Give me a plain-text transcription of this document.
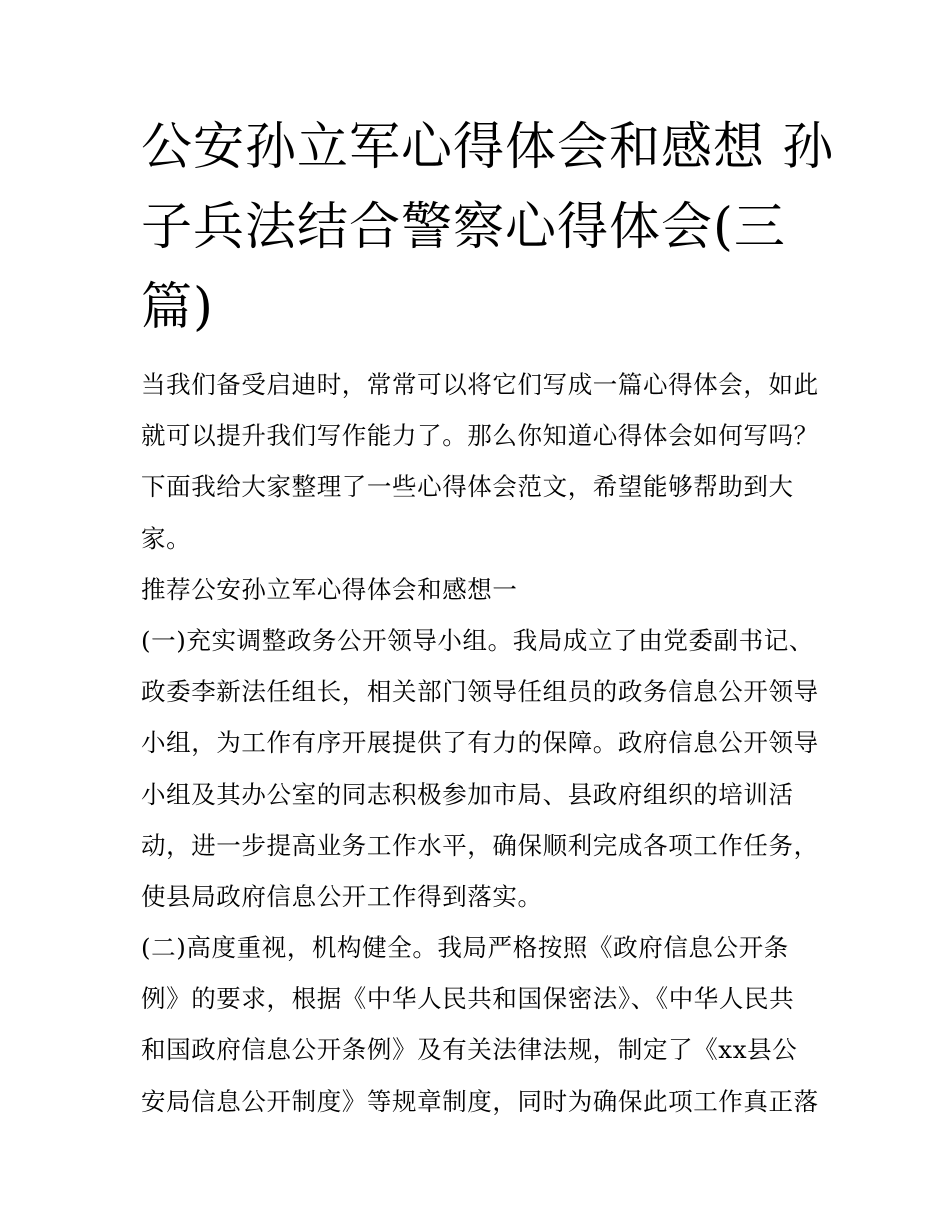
公安孙立军心得体会和感想 孙
子兵法结合警察心得体会(三
篇)
当我们备受启迪时，常常可以将它们写成一篇心得体会，如此
就可以提升我们写作能力了。那么你知道心得体会如何写吗？
下面我给大家整理了一些心得体会范文，希望能够帮助到大
家。
推荐公安孙立军心得体会和感想一
(一)充实调整政务公开领导小组。我局成立了由党委副书记、
政委李新法任组长，相关部门领导任组员的政务信息公开领导
小组，为工作有序开展提供了有力的保障。政府信息公开领导
小组及其办公室的同志积极参加市局、县政府组织的培训活
动，进一步提高业务工作水平，确保顺利完成各项工作任务，
使县局政府信息公开工作得到落实。
(二)高度重视，机构健全。我局严格按照《政府信息公开条
例》的要求，根据《中华人民共和国保密法》、《中华人民共
和国政府信息公开条例》及有关法律法规，制定了《xx县公
安局信息公开制度》等规章制度，同时为确保此项工作真正落
